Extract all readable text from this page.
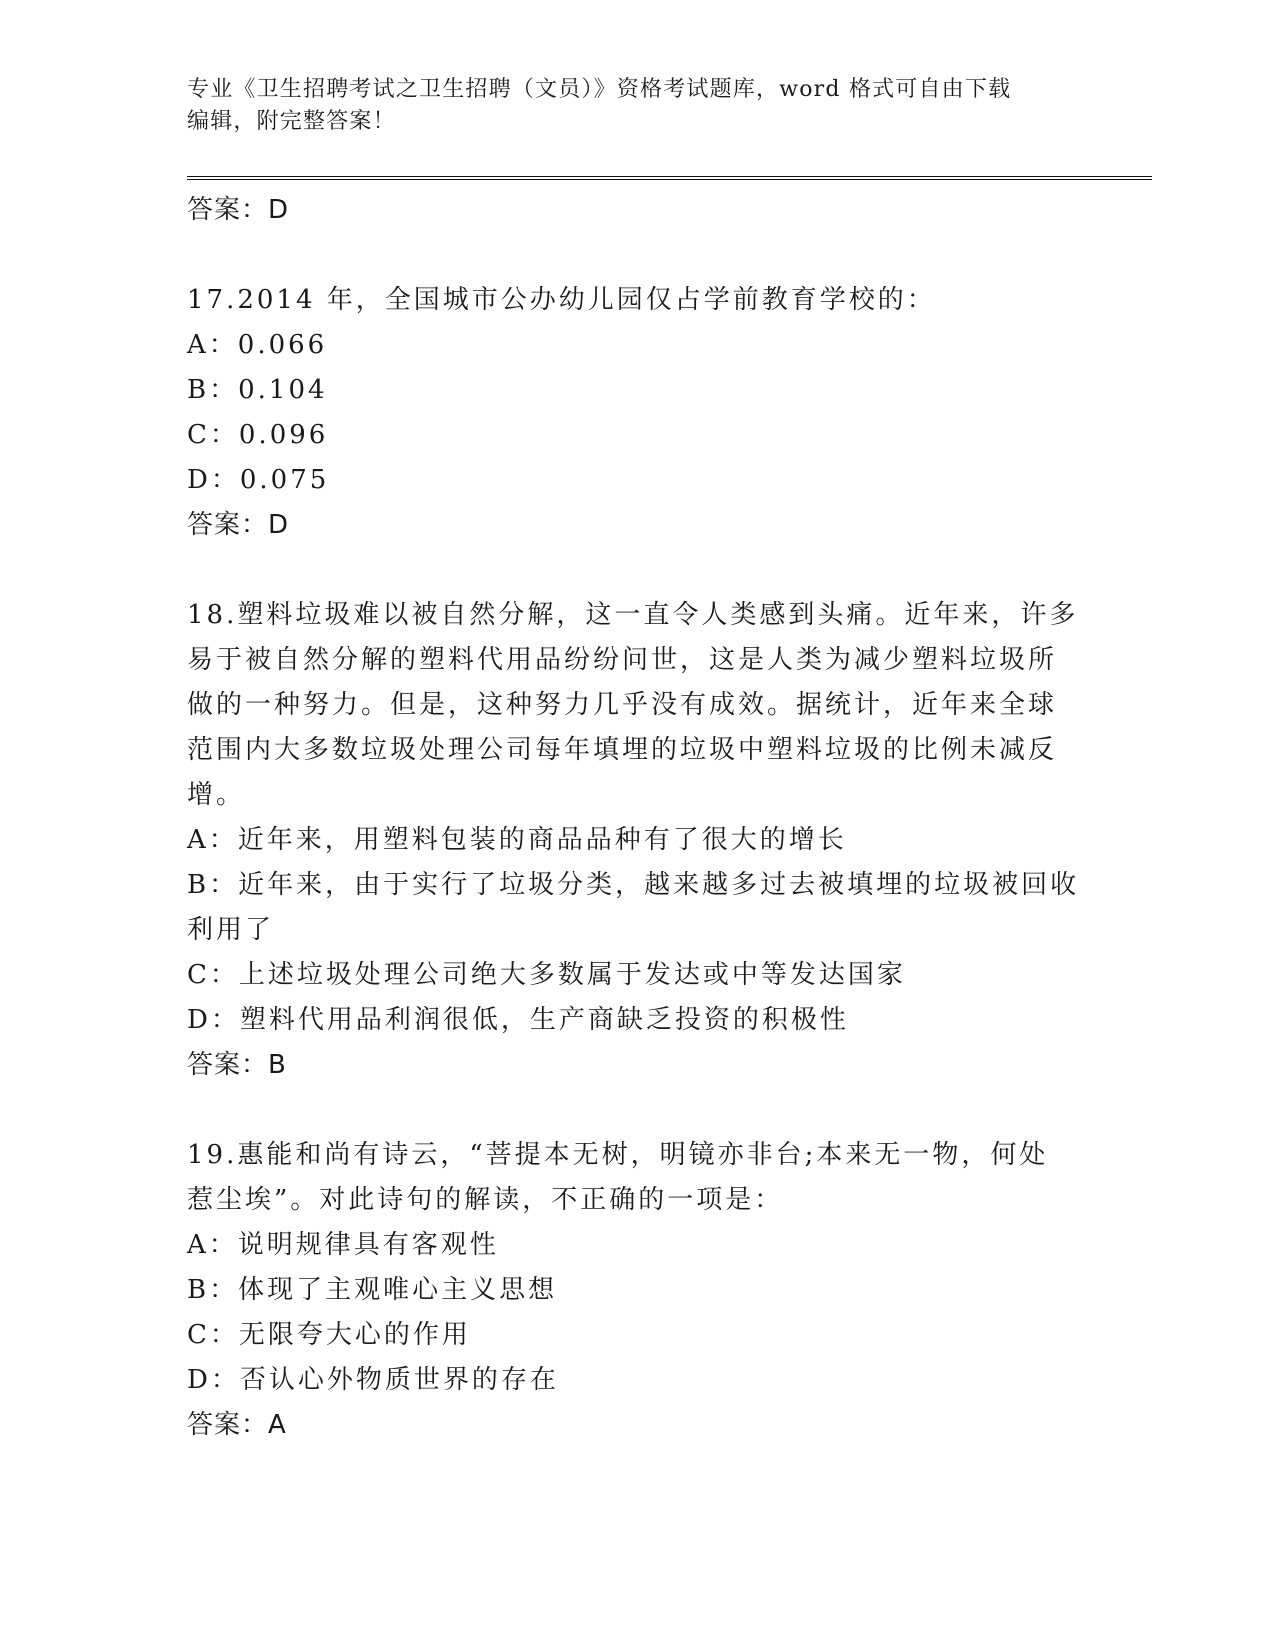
专业《卫生招聘考试之卫生招聘（文员）》资格考试题库，word 格式可自由下载
编辑，附完整答案！
答案：D
17.2014 年，全国城市公办幼儿园仅占学前教育学校的：
A：0.066
B：0.104
C：0.096
D：0.075
答案：D
18.塑料垃圾难以被自然分解，这一直令人类感到头痛。近年来，许多
易于被自然分解的塑料代用品纷纷问世，这是人类为减少塑料垃圾所
做的一种努力。但是，这种努力几乎没有成效。据统计，近年来全球
范围内大多数垃圾处理公司每年填埋的垃圾中塑料垃圾的比例未减反
增。
A：近年来，用塑料包装的商品品种有了很大的增长
B：近年来，由于实行了垃圾分类，越来越多过去被填埋的垃圾被回收
利用了
C：上述垃圾处理公司绝大多数属于发达或中等发达国家
D：塑料代用品利润很低，生产商缺乏投资的积极性
答案：B
19.惠能和尚有诗云，“菩提本无树，明镜亦非台;本来无一物，何处
惹尘埃”。对此诗句的解读，不正确的一项是：
A：说明规律具有客观性
B：体现了主观唯心主义思想
C：无限夸大心的作用
D：否认心外物质世界的存在
答案：A
